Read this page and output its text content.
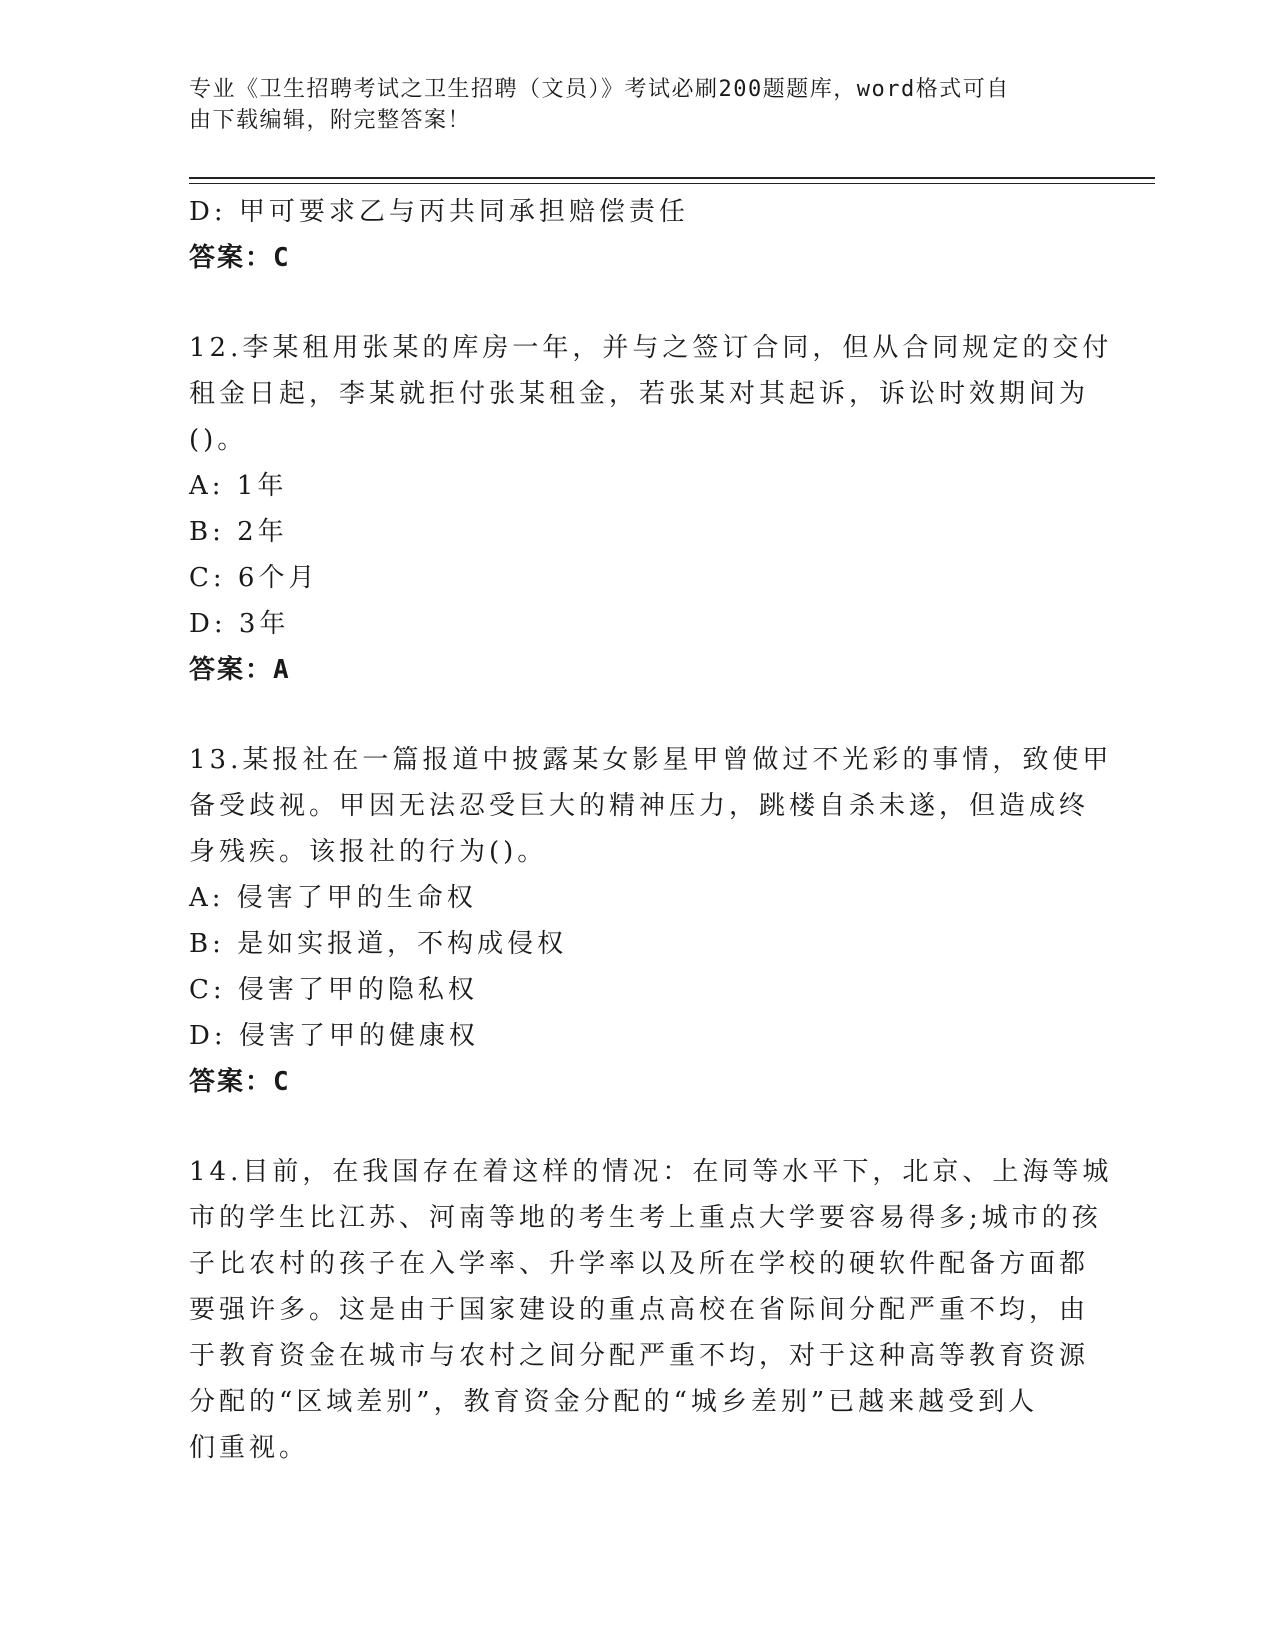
专业《卫生招聘考试之卫生招聘（文员）》考试必刷200题题库，word格式可自
由下载编辑，附完整答案！
D: 甲可要求乙与丙共同承担赔偿责任
答案：C
12.李某租用张某的库房一年，并与之签订合同，但从合同规定的交付
租金日起，李某就拒付张某租金，若张某对其起诉，诉讼时效期间为
()。
A: 1年
B: 2年
C: 6个月
D: 3年
答案：A
13.某报社在一篇报道中披露某女影星甲曾做过不光彩的事情，致使甲
备受歧视。甲因无法忍受巨大的精神压力，跳楼自杀未遂，但造成终
身残疾。该报社的行为()。
A: 侵害了甲的生命权
B: 是如实报道，不构成侵权
C: 侵害了甲的隐私权
D: 侵害了甲的健康权
答案：C
14.目前，在我国存在着这样的情况：在同等水平下，北京、上海等城
市的学生比江苏、河南等地的考生考上重点大学要容易得多;城市的孩
子比农村的孩子在入学率、升学率以及所在学校的硬软件配备方面都
要强许多。这是由于国家建设的重点高校在省际间分配严重不均，由
于教育资金在城市与农村之间分配严重不均，对于这种高等教育资源
分配的“区域差别”，教育资金分配的“城乡差别”已越来越受到人
们重视。
